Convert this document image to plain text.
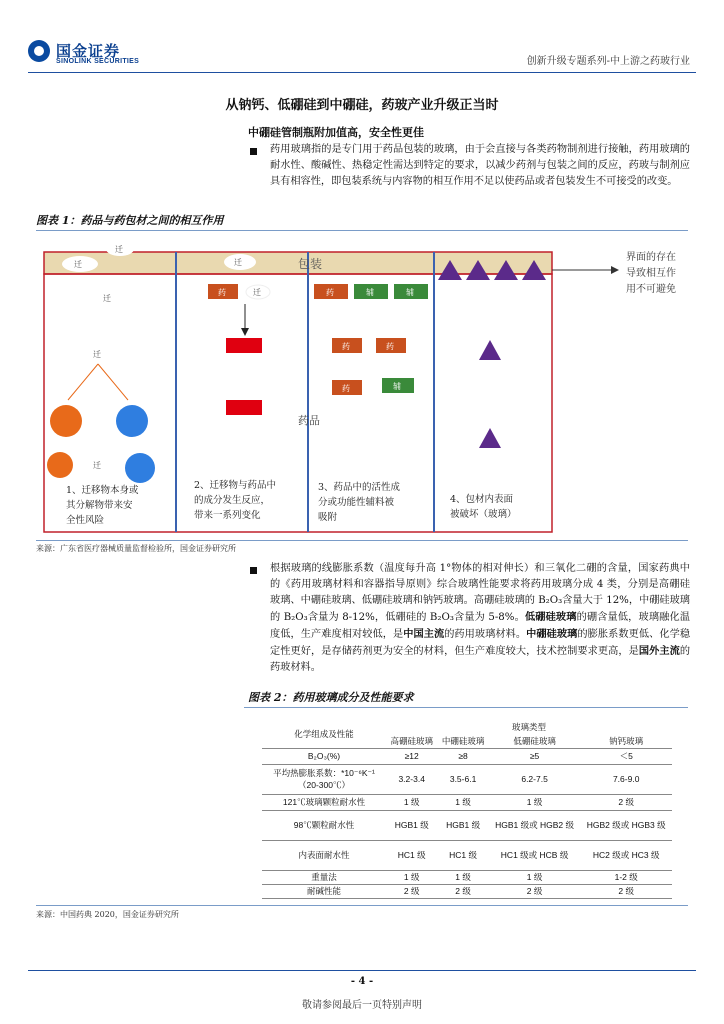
国金证券
SINOLINK SECURITIES	创新升级专题系列-中上游之药玻行业
从钠钙、低硼硅到中硼硅，药玻产业升级正当时
中硼硅管制瓶附加值高，安全性更佳
药用玻璃指的是专门用于药品包装的玻璃，由于会直接与各类药物制剂进行接触，药用玻璃的耐水性、酸碱性、热稳定性需达到特定的要求，以减少药剂与包装之间的反应，药玻与制剂应具有相容性，即包装系统与内容物的相互作用不足以使药品或者包装发生不可接受的改变。
图表 1：药品与药包材之间的相互作用
包装	界面的存在
导致相互作
用不可避免
迁
迁
迁
迁
迁
迁
药	迁	药	辅	辅
药	药
药	辅
药品
1、迁移物本身或
其分解物带来安
全性风险
2、迁移物与药品中
的成分发生反应，
带来一系列变化
3、药品中的活性成
分或功能性辅料被
吸附
4、包材内表面
被破坏（玻璃）
来源：广东省医疗器械质量监督检验所，国金证券研究所
根据玻璃的线膨胀系数（温度每升高 1°物体的相对伸长）和三氧化二硼的含量，国家药典中的《药用玻璃材料和容器指导原则》综合玻璃性能要求将药用玻璃分成 4 类，分别是高硼硅玻璃、中硼硅玻璃、低硼硅玻璃和钠钙玻璃。高硼硅玻璃的 B₂O₃含量大于 12%，中硼硅玻璃的 B₂O₃含量为 8-12%，低硼硅的 B₂O₃含量为 5-8%。低硼硅玻璃的硼含量低，玻璃融化温度低，生产难度相对较低，是中国主流的药用玻璃材料。中硼硅玻璃的膨胀系数更低、化学稳定性更好，是存储药剂更为安全的材料，但生产难度较大，技术控制要求更高，是国外主流的药玻材料。
图表 2：药用玻璃成分及性能要求
化学组成及性能	玻璃类型			
	高硼硅玻璃	中硼硅玻璃	低硼硅玻璃	钠钙玻璃
B₂O₃(%)	≥12	≥8	≥5	＜5
平均热膨胀系数：*10⁻⁶K⁻¹（20-300℃）	3.2-3.4	3.5-6.1	6.2-7.5	7.6-9.0
121℃玻璃颗粒耐水性	1 级	1 级	1 级	2 级
98℃颗粒耐水性	HGB1 级	HGB1 级	HGB1 级或 HGB2 级	HGB2 级或 HGB3 级
内表面耐水性	HC1 级	HC1 级	HC1 级或 HCB 级	HC2 级或 HC3 级
重量法	1 级	1 级	1 级	1-2 级
耐碱性能	2 级	2 级	2 级	2 级
来源：中国药典 2020，国金证券研究所
- 4 -
敬请参阅最后一页特别声明
